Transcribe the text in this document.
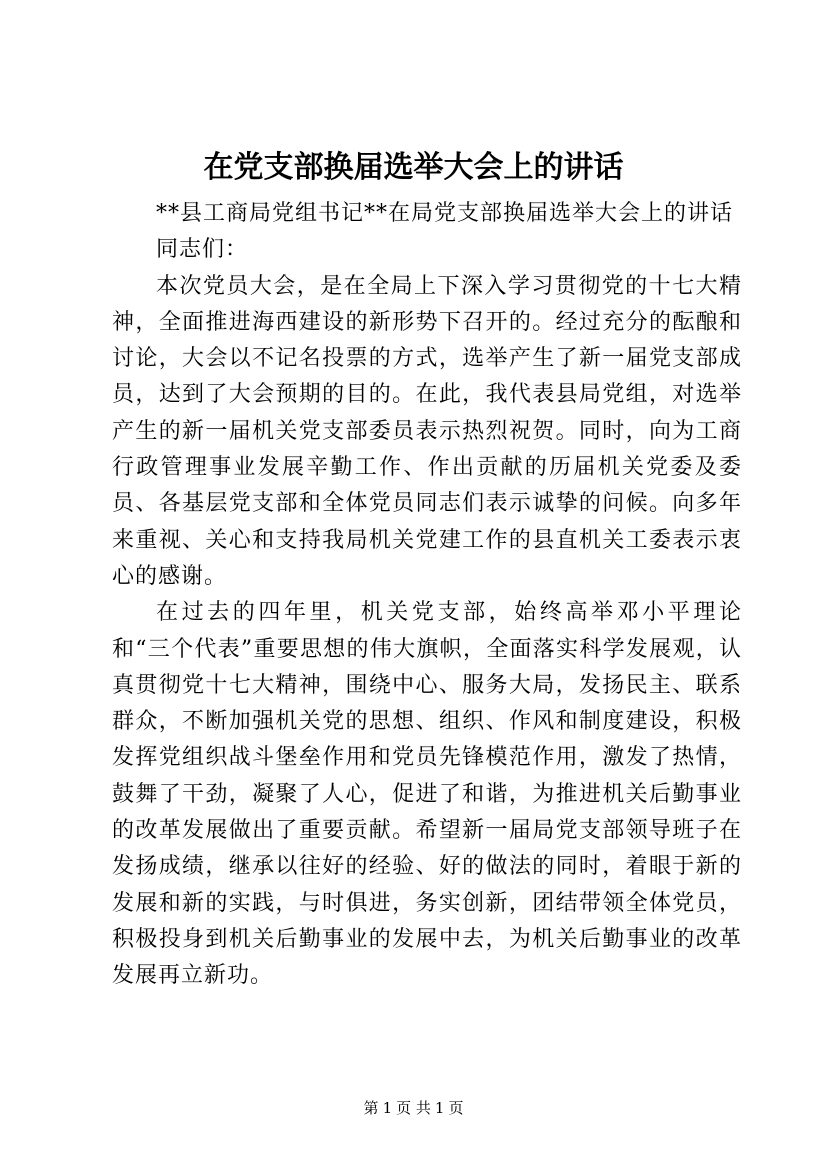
在党支部换届选举大会上的讲话

**县工商局党组书记**在局党支部换届选举大会上的讲话

同志们：

本次党员大会，是在全局上下深入学习贯彻党的十七大精神，全面推进海西建设的新形势下召开的。经过充分的酝酿和讨论，大会以不记名投票的方式，选举产生了新一届党支部成员，达到了大会预期的目的。在此，我代表县局党组，对选举产生的新一届机关党支部委员表示热烈祝贺。同时，向为工商行政管理事业发展辛勤工作、作出贡献的历届机关党委及委员、各基层党支部和全体党员同志们表示诚挚的问候。向多年来重视、关心和支持我局机关党建工作的县直机关工委表示衷心的感谢。

在过去的四年里，机关党支部，始终高举邓小平理论和“三个代表”重要思想的伟大旗帜，全面落实科学发展观，认真贯彻党十七大精神，围绕中心、服务大局，发扬民主、联系群众，不断加强机关党的思想、组织、作风和制度建设，积极发挥党组织战斗堡垒作用和党员先锋模范作用，激发了热情，鼓舞了干劲，凝聚了人心，促进了和谐，为推进机关后勤事业的改革发展做出了重要贡献。希望新一届局党支部领导班子在发扬成绩，继承以往好的经验、好的做法的同时，着眼于新的发展和新的实践，与时俱进，务实创新，团结带领全体党员，积极投身到机关后勤事业的发展中去，为机关后勤事业的改革发展再立新功。

第 1 页 共 1 页
